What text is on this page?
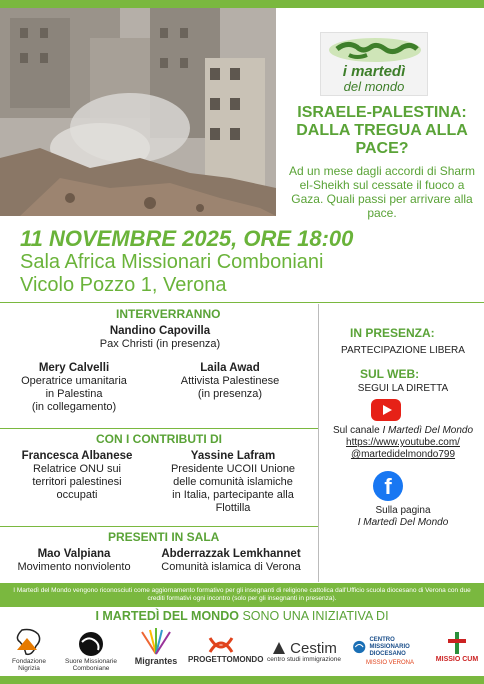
i martedì
del mondo
ISRAELE-PALESTINA: DALLA TREGUA ALLA PACE?
Ad un mese dagli accordi di Sharm el-Sheikh sul cessate il fuoco a Gaza. Quali passi per arrivare alla pace.
11 NOVEMBRE 2025, ORE 18:00
Sala Africa Missionari Comboniani
Vicolo Pozzo 1, Verona
INTERVERRANNO
Nandino Capovilla
Pax Christi (in presenza)
Mery Calvelli
Operatrice umanitaria
in Palestina
(in collegamento)
Laila Awad
Attivista Palestinese
(in presenza)
CON I CONTRIBUTI DI
Francesca Albanese
Relatrice ONU sui
territori palestinesi
occupati
Yassine Lafram
Presidente UCOII Unione
delle comunità islamiche
in Italia, partecipante alla
Flottilla
PRESENTI IN SALA
Mao Valpiana
Movimento nonviolento
Abderrazzak Lemkhannet
Comunità islamica di Verona
IN PRESENZA:
PARTECIPAZIONE LIBERA
SUL WEB:
SEGUI LA DIRETTA
Sul canale I Martedì Del Mondo
https://www.youtube.com/
@martedidelmondo799
f
Sulla pagina
I Martedì Del Mondo
I Martedì del Mondo vengono riconosciuti come aggiornamento formativo per gli insegnanti di religione cattolica dall'Ufficio scuola diocesano di Verona con due crediti formativi ogni incontro (solo per gli insegnanti in presenza).
I MARTEDÌ DEL MONDO SONO UNA INIZIATIVA DI
Fondazione Nigrizia
Suore Missionarie Comboniane
Migrantes	PROGETTOMONDO
Cestim
centro studi immigrazione
CENTRO MISSIONARIO DIOCESANO
MISSIO VERONA	MISSIO CUM
